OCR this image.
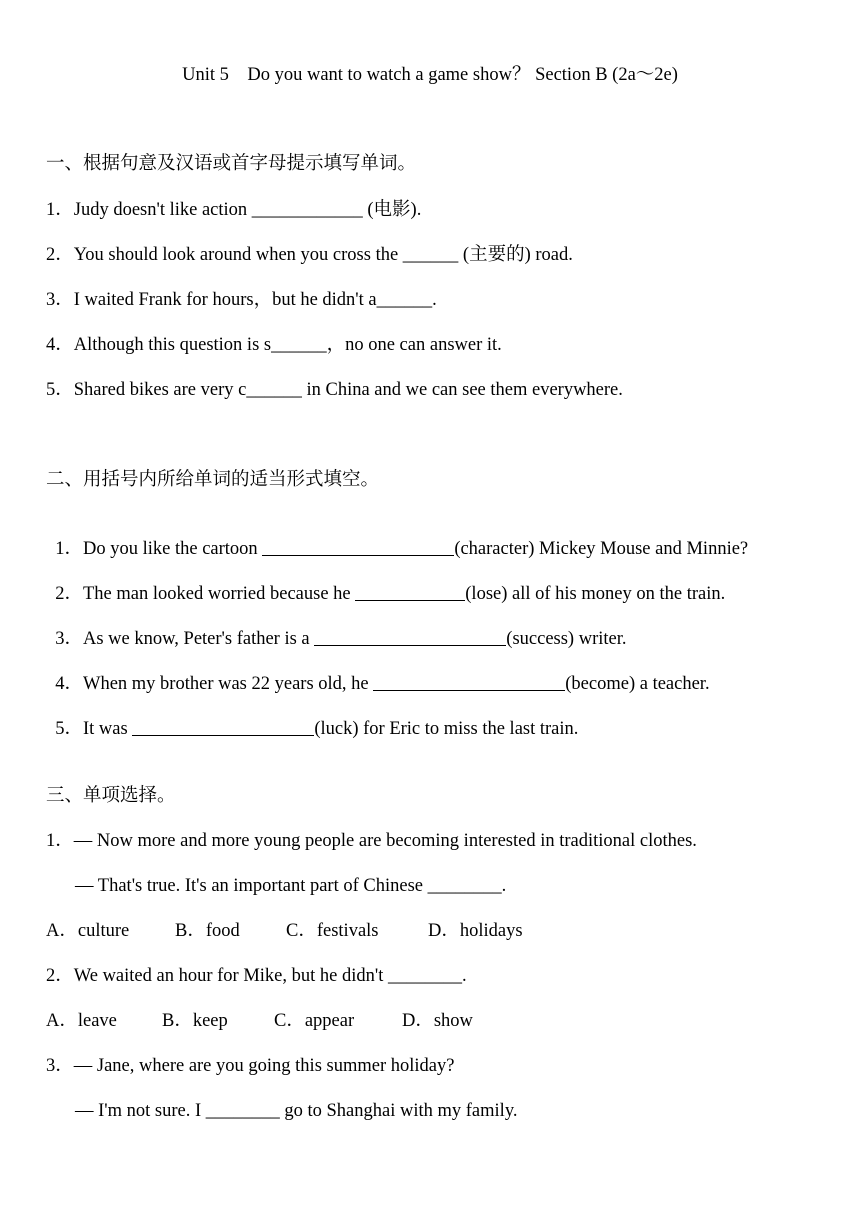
Unit 5　Do you want to watch a game show？ Section B (2a～2e)
一、根据句意及汉语或首字母提示填写单词。
1．Judy doesn't like action ____________ (电影).
2．You should look around when you cross the ______ (主要的) road.
3．I waited Frank for hours，but he didn't a______.
4．Although this question is s______，no one can answer it.
5．Shared bikes are very c______ in China and we can see them everywhere.
二、用括号内所给单词的适当形式填空。

1．Do you like the cartoon	(character) Mickey Mouse and Minnie?

2．The man looked worried because he	(lose) all of his money on the train.

3．As we know, Peter's father is a	(success) writer.

4．When my brother was 22 years old, he	(become) a teacher.

5．It was	(luck) for Eric to miss the last train.

三、单项选择。
1．— Now more and more young people are becoming interested in traditional clothes.
— That's true. It's an important part of Chinese ________.
A．culture B．food C．festivals	D．holidays
2．We waited an hour for Mike, but he didn't ________.
A．leave B．keep C．appear	D．show
3．— Jane, where are you going this summer holiday?
— I'm not sure. I ________ go to Shanghai with my family.
